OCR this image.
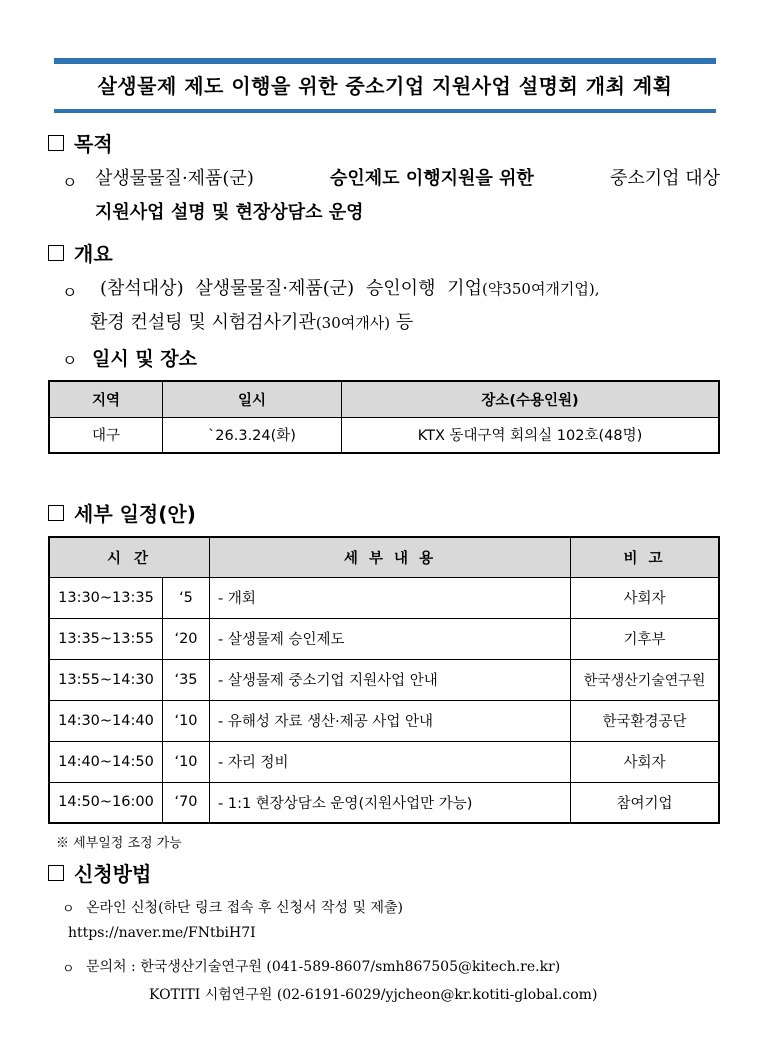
살생물제 제도 이행을 위한 중소기업 지원사업 설명회 개최 계획
목적
ㅇ 살생물물질·제품(군)	승인제도 이행지원을 위한	중소기업 대상
지원사업 설명 및 현장상담소 운영
개요
ㅇ (참석대상) 살생물물질·제품(군) 승인이행 기업(약350여개기업),
환경 컨설팅 및 시험검사기관(30여개사) 등
ㅇ 일시 및 장소
지역	일시	장소(수용인원)
대구	`26.3.24(화)	KTX 동대구역 회의실 102호(48명)
세부 일정(안)
시 간		세 부 내 용	비 고
13:30~13:35	‘5	- 개회	사회자
13:35~13:55	‘20	- 살생물제 승인제도	기후부
13:55~14:30	‘35	- 살생물제 중소기업 지원사업 안내	한국생산기술연구원
14:30~14:40	‘10	- 유해성 자료 생산·제공 사업 안내	한국환경공단
14:40~14:50	‘10	- 자리 정비	사회자
14:50~16:00	‘70	- 1:1 현장상담소 운영(지원사업만 가능)	참여기업
※ 세부일정 조정 가능
신청방법
ㅇ 온라인 신청(하단 링크 접속 후 신청서 작성 및 제출)
https://naver.me/FNtbiH7I
ㅇ 문의처 : 한국생산기술연구원 (041-589-8607/smh867505@kitech.re.kr)
KOTITI 시험연구원 (02-6191-6029/yjcheon@kr.kotiti-global.com)
